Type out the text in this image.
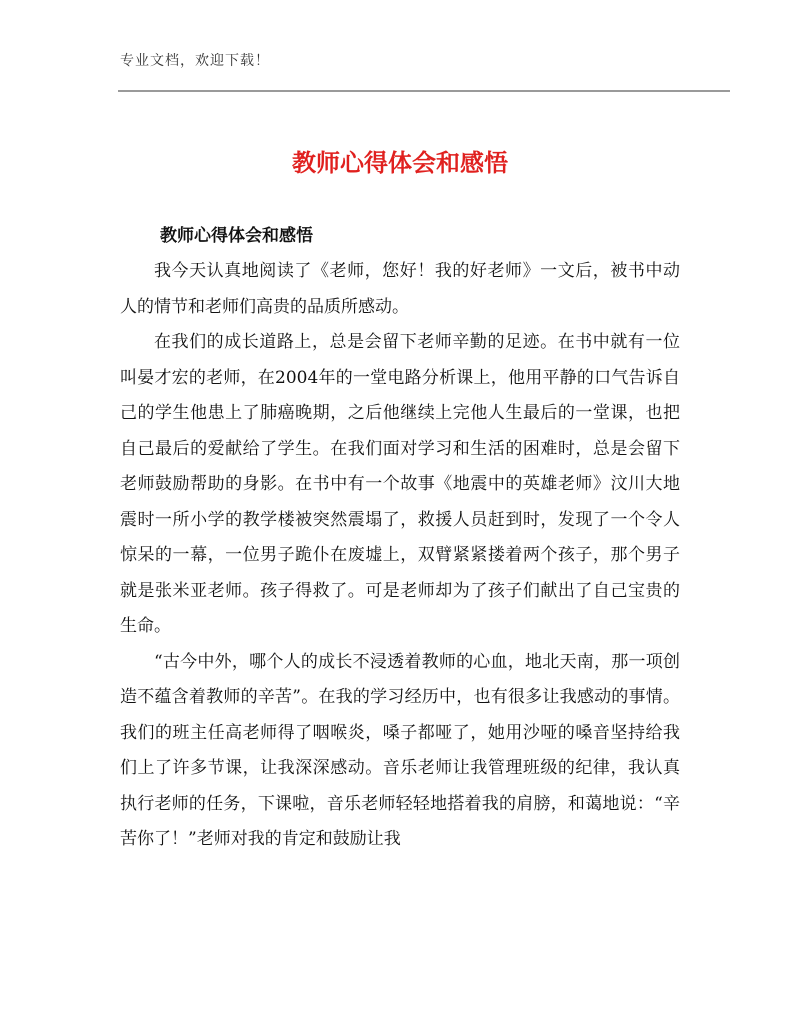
专业文档，欢迎下载！
教师心得体会和感悟
教师心得体会和感悟

我今天认真地阅读了《老师，您好！我的好老师》一文后，被书中动人的情节和老师们高贵的品质所感动。

在我们的成长道路上，总是会留下老师辛勤的足迹。在书中就有一位叫晏才宏的老师，在2004年的一堂电路分析课上，他用平静的口气告诉自己的学生他患上了肺癌晚期，之后他继续上完他人生最后的一堂课，也把自己最后的爱献给了学生。在我们面对学习和生活的困难时，总是会留下老师鼓励帮助的身影。在书中有一个故事《地震中的英雄老师》汶川大地震时一所小学的教学楼被突然震塌了，救援人员赶到时，发现了一个令人惊呆的一幕，一位男子跪仆在废墟上，双臂紧紧搂着两个孩子，那个男子就是张米亚老师。孩子得救了。可是老师却为了孩子们献出了自己宝贵的生命。

“古今中外，哪个人的成长不浸透着教师的心血，地北天南，那一项创造不蕴含着教师的辛苦”。在我的学习经历中，也有很多让我感动的事情。我们的班主任高老师得了咽喉炎，嗓子都哑了，她用沙哑的嗓音坚持给我们上了许多节课，让我深深感动。音乐老师让我管理班级的纪律，我认真执行老师的任务，下课啦，音乐老师轻轻地搭着我的肩膀，和蔼地说：“辛苦你了！”老师对我的肯定和鼓励让我
